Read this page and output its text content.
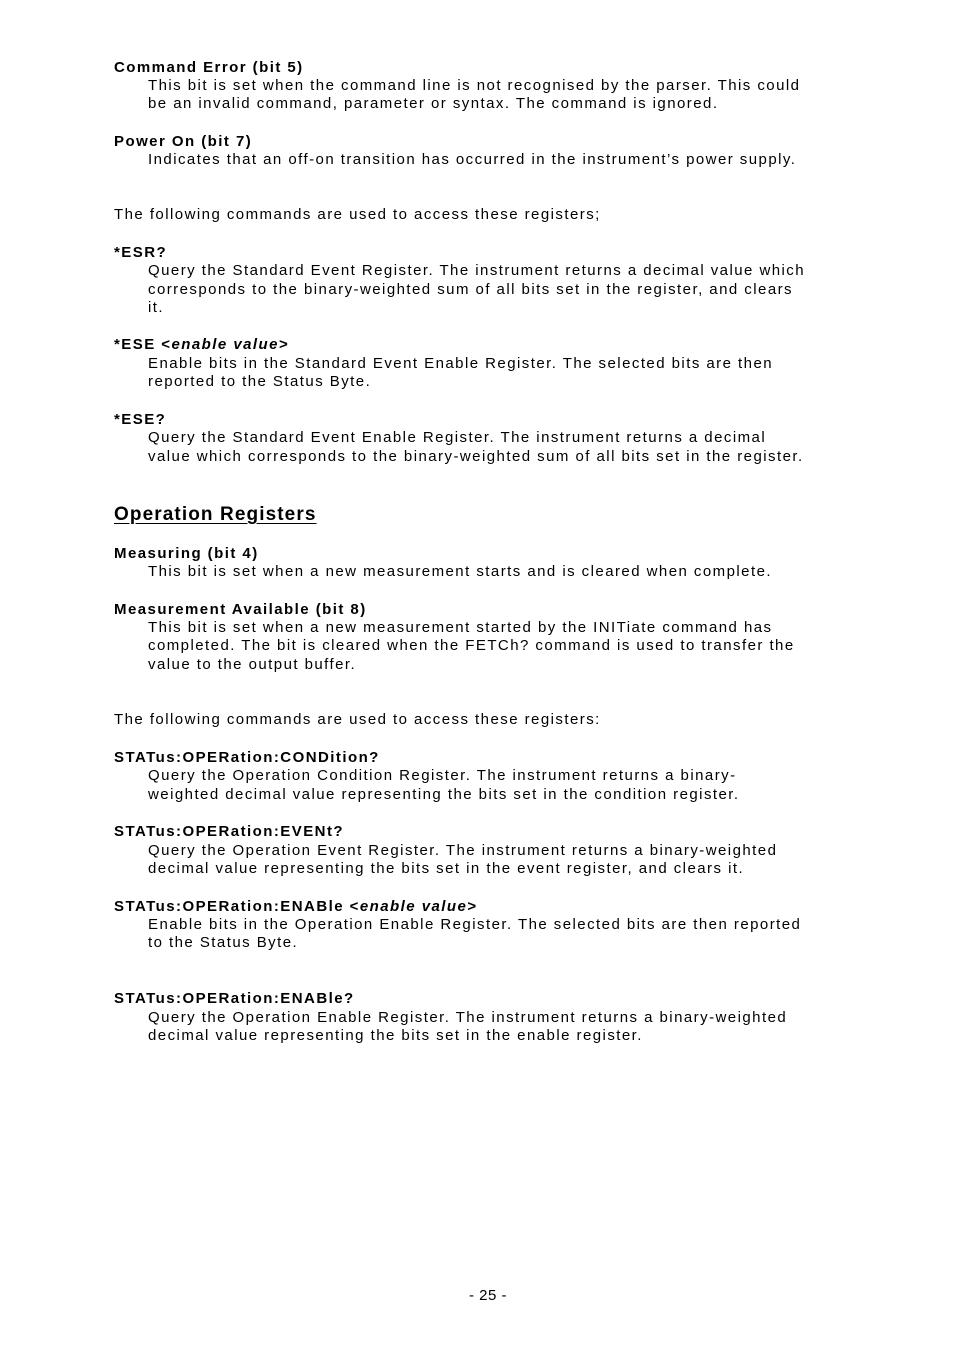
Command Error (bit 5)
This bit is set when the command line is not recognised by the parser. This could
be an invalid command, parameter or syntax. The command is ignored.
Power On (bit 7)
Indicates that an off-on transition has occurred in the instrument’s power supply.
The following commands are used to access these registers;
*ESR?
Query the Standard Event Register. The instrument returns a decimal value which
corresponds to the binary-weighted sum of all bits set in the register, and clears
it.
*ESE <enable value>
Enable bits in the Standard Event Enable Register. The selected bits are then
reported to the Status Byte.
*ESE?
Query the Standard Event Enable Register. The instrument returns a decimal
value which corresponds to the binary-weighted sum of all bits set in the register.
Operation Registers
Measuring (bit 4)
This bit is set when a new measurement starts and is cleared when complete.
Measurement Available (bit 8)
This bit is set when a new measurement started by the INITiate command has
completed. The bit is cleared when the FETCh? command is used to transfer the
value to the output buffer.
The following commands are used to access these registers:
STATus:OPERation:CONDition?
Query the Operation Condition Register. The instrument returns a binary-
weighted decimal value representing the bits set in the condition register.
STATus:OPERation:EVENt?
Query the Operation Event Register. The instrument returns a binary-weighted
decimal value representing the bits set in the event register, and clears it.
STATus:OPERation:ENABle <enable value>
Enable bits in the Operation Enable Register. The selected bits are then reported
to the Status Byte.
STATus:OPERation:ENABle?
Query the Operation Enable Register. The instrument returns a binary-weighted
decimal value representing the bits set in the enable register.
- 25 -
